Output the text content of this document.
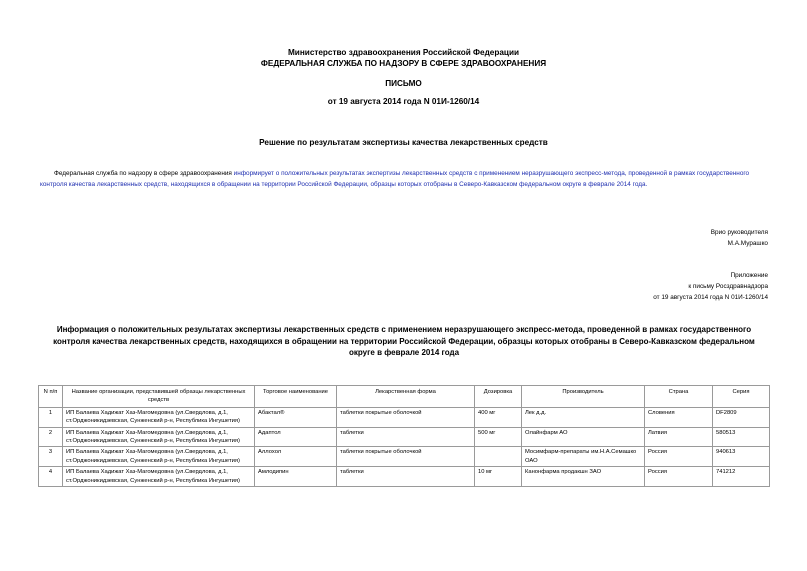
Министерство здравоохранения Российской Федерации
ФЕДЕРАЛЬНАЯ СЛУЖБА ПО НАДЗОРУ В СФЕРЕ ЗДРАВООХРАНЕНИЯ
ПИСЬМО
от 19 августа 2014 года N 01И-1260/14
Решение по результатам экспертизы качества лекарственных средств
Федеральная служба по надзору в сфере здравоохранения информирует о положительных результатах экспертизы лекарственных средств с применением неразрушающего экспресс-метода, проведенной в рамках государственного контроля качества лекарственных средств, находящихся в обращении на территории Российской Федерации, образцы которых отобраны в Северо-Кавказском федеральном округе в феврале 2014 года.
Врио руководителя
М.А.Мурашко
Приложение
к письму Росздравнадзора
от 19 августа 2014 года N 01И-1260/14
Информация о положительных результатах экспертизы лекарственных средств с применением неразрушающего экспресс-метода, проведенной в рамках государственного контроля качества лекарственных средств, находящихся в обращении на территории Российской Федерации, образцы которых отобраны в Северо-Кавказском федеральном округе в феврале 2014 года
N п/п	Название организации, представившей образцы лекарственных средств	Торговое наименование	Лекарственная форма	Дозировка	Производитель	Страна	Серия
1	ИП Балаева Хадижат Хаз-Магомедовна (ул.Свердлова, д.1, ст.Орджоникидзевская, Сунженский р-н, Республика Ингушетия)	Абактал®	таблетки покрытые оболочкой	400 мг	Лек д.д.	Словения	DF2809
2	ИП Балаева Хадижат Хаз-Магомедовна (ул.Свердлова, д.1, ст.Орджоникидзевская, Сунженский р-н, Республика Ингушетия)	Адаптол	таблетки	500 мг	Олайнфарм АО	Латвия	580513
3	ИП Балаева Хадижат Хаз-Магомедовна (ул.Свердлова, д.1, ст.Орджоникидзевская, Сунженский р-н, Республика Ингушетия)	Аллохол	таблетки покрытые оболочкой		Мосимфарм-препараты им.Н.А.Семашко ОАО	Россия	940613
4	ИП Балаева Хадижат Хаз-Магомедовна (ул.Свердлова, д.1, ст.Орджоникидзевская, Сунженский р-н, Республика Ингушетия)	Амлодипин	таблетки	10 мг	Канонфарма продакшн ЗАО	Россия	741212
